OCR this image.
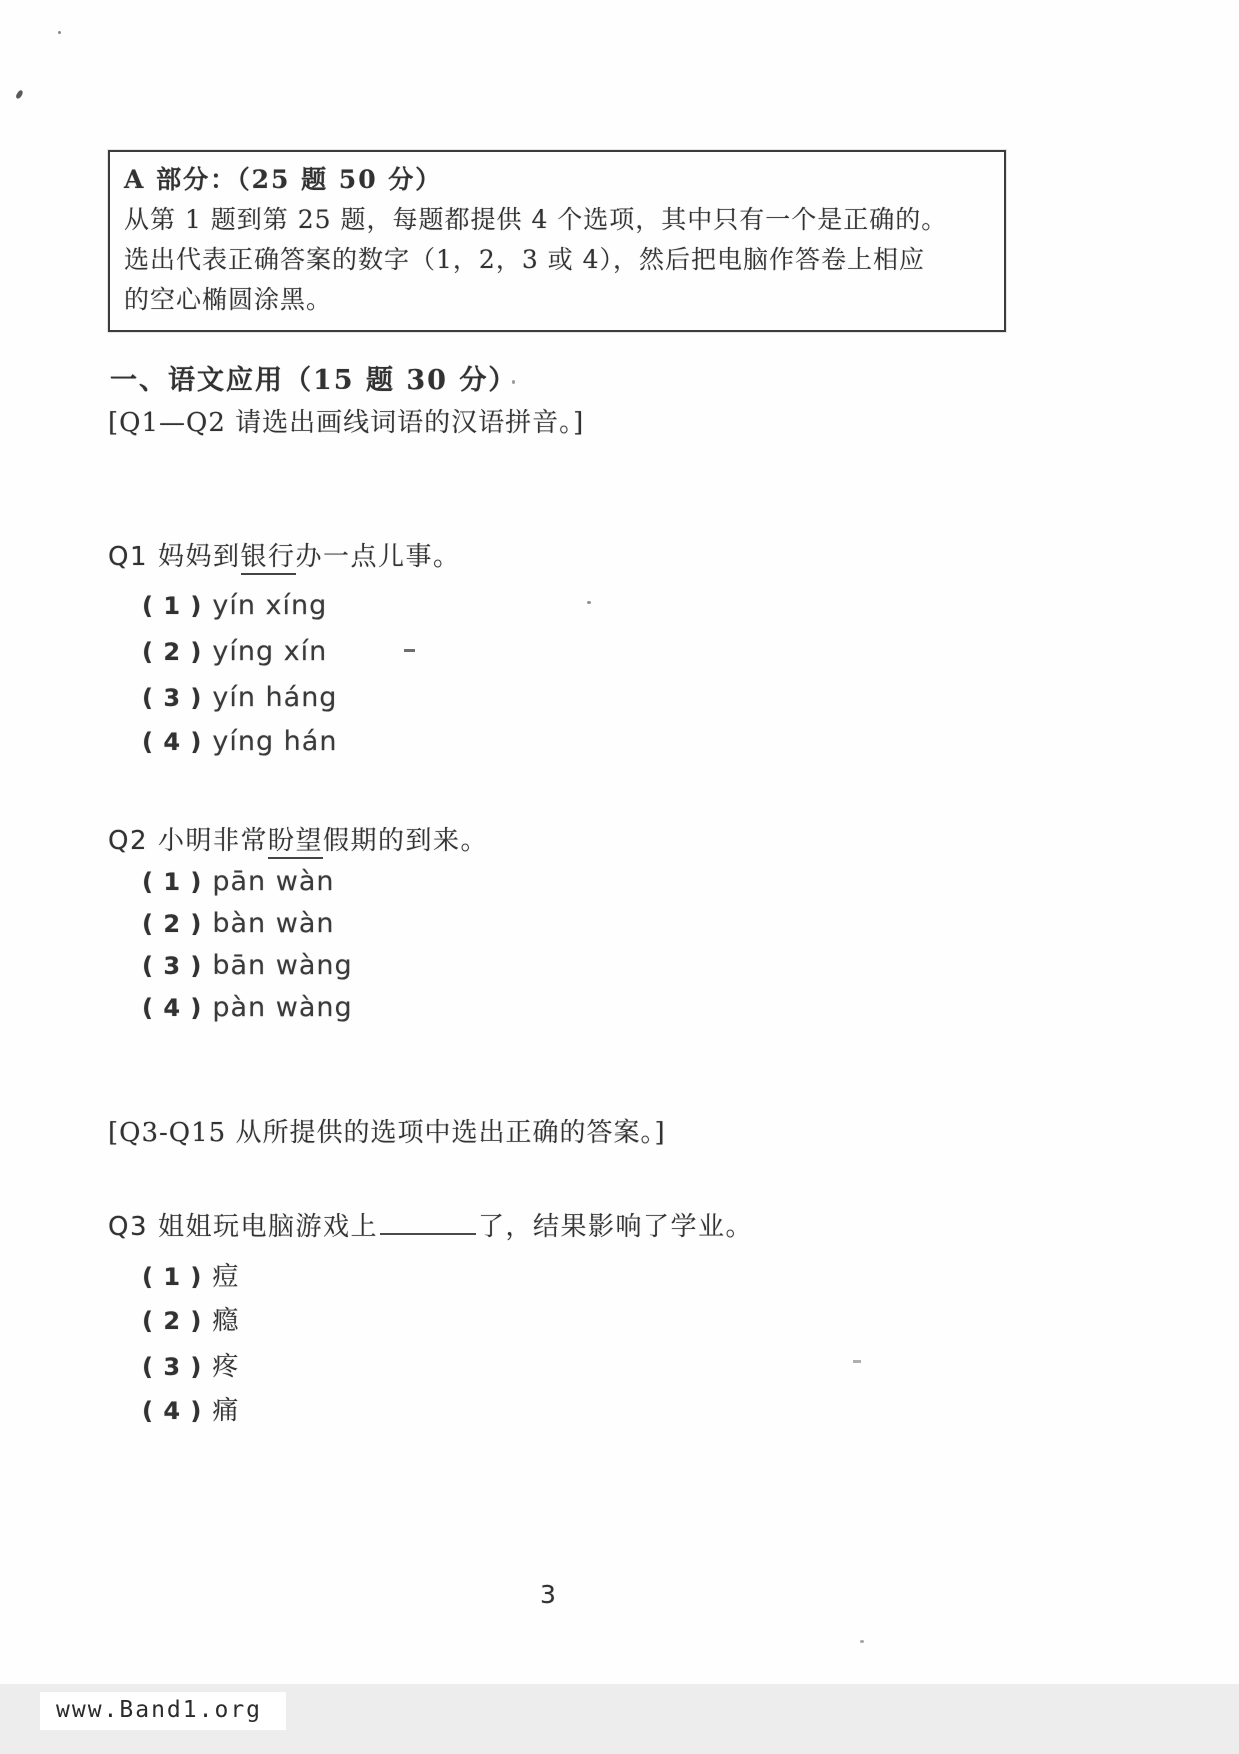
A 部分：（25 题 50 分）
从第 1 题到第 25 题，每题都提供 4 个选项，其中只有一个是正确的。
选出代表正确答案的数字（1，2，3 或 4），然后把电脑作答卷上相应
的空心椭圆涂黑。
一、语文应用（15 题 30 分）
[Q1—Q2 请选出画线词语的汉语拼音。]
Q1 妈妈到银行办一点儿事。
( 1 ) yín xíng
( 2 ) yíng xín
( 3 ) yín háng
( 4 ) yíng hán
Q2 小明非常盼望假期的到来。
( 1 ) pān wàn
( 2 ) bàn wàn
( 3 ) bān wàng
( 4 ) pàn wàng
[Q3-Q15 从所提供的选项中选出正确的答案。]
Q3 姐姐玩电脑游戏上	了，结果影响了学业。
( 1 ) 痘
( 2 ) 瘾
( 3 ) 疼
( 4 ) 痛
3
www.Band1.org
